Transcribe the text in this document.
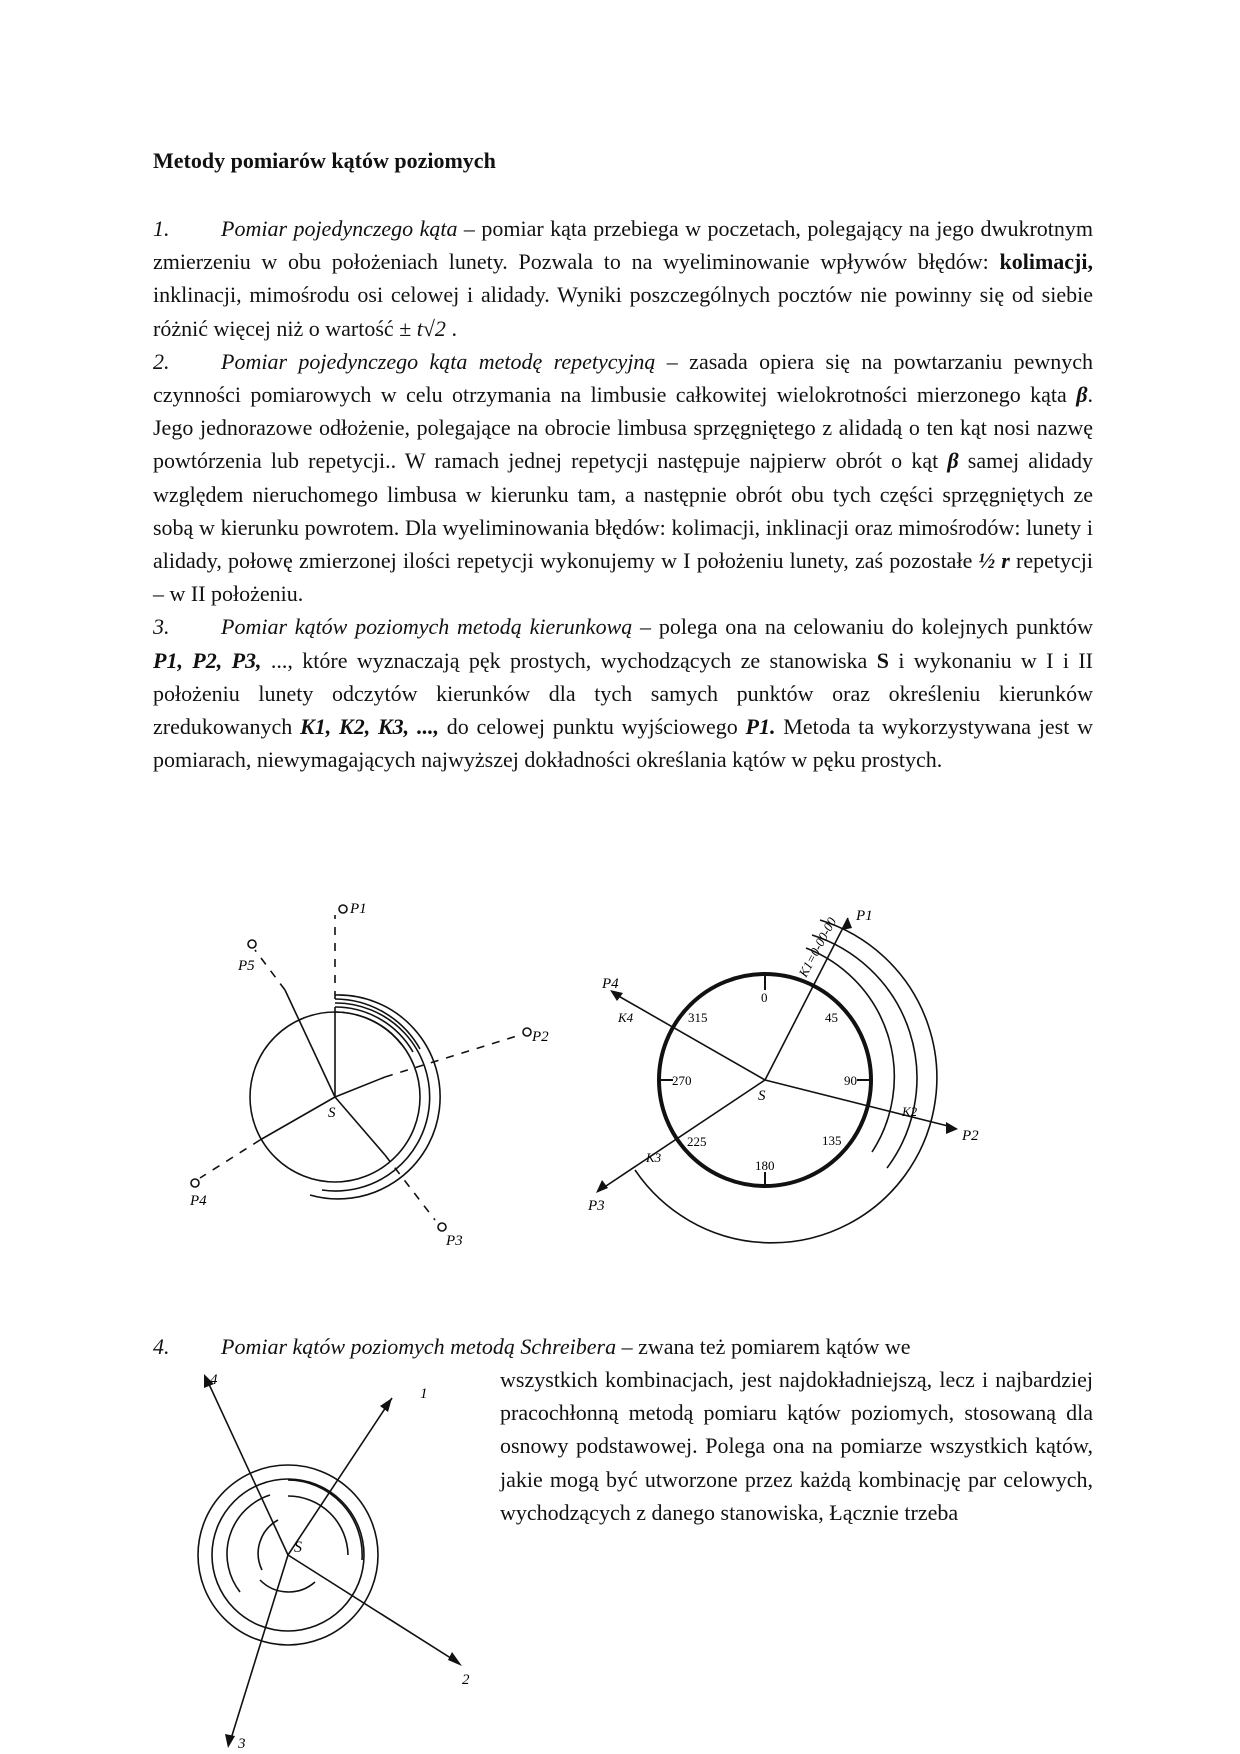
Metody pomiarów kątów poziomych

1. Pomiar pojedynczego kąta – pomiar kąta przebiega w poczetach, polegający na jego dwukrotnym zmierzeniu w obu położeniach lunety. Pozwala to na wyeliminowanie wpływów błędów: kolimacji, inklinacji, mimośrodu osi celowej i alidady. Wyniki poszczególnych pocztów nie powinny się od siebie różnić więcej niż o wartość ± t√2 .

2. Pomiar pojedynczego kąta metodę repetycyjną – zasada opiera się na powtarzaniu pewnych czynności pomiarowych w celu otrzymania na limbusie całkowitej wielokrotności mierzonego kąta β. Jego jednorazowe odłożenie, polegające na obrocie limbusa sprzęgniętego z alidadą o ten kąt nosi nazwę powtórzenia lub repetycji.. W ramach jednej repetycji następuje najpierw obrót o kąt β samej alidady względem nieruchomego limbusa w kierunku tam, a następnie obrót obu tych części sprzęgniętych ze sobą w kierunku powrotem. Dla wyeliminowania błędów: kolimacji, inklinacji oraz mimośrodów: lunety i alidady, połowę zmierzonej ilości repetycji wykonujemy w I położeniu lunety, zaś pozostałe ½ r repetycji – w II położeniu.

3. Pomiar kątów poziomych metodą kierunkową – polega ona na celowaniu do kolejnych punktów P1, P2, P3, ..., które wyznaczają pęk prostych, wychodzących ze stanowiska S i wykonaniu w I i II położeniu lunety odczytów kierunków dla tych samych punktów oraz określeniu kierunków zredukowanych K1, K2, K3, ..., do celowej punktu wyjściowego P1. Metoda ta wykorzystywana jest w pomiarach, niewymagających najwyższej dokładności określania kątów w pęku prostych.

P1
P2
P3
P4
P5
S
P1
P2
P3
P4
S
K1=0-00-00
K2
K3
K4
0
45
90
135
180
225
270
315
4. Pomiar kątów poziomych metodą Schreibera – zwana też pomiarem kątów we
1
2
3
4
S
wszystkich kombinacjach, jest najdokładniejszą, lecz i najbardziej pracochłonną metodą pomiaru kątów poziomych, stosowaną dla osnowy podstawowej. Polega ona na pomiarze wszystkich kątów, jakie mogą być utworzone przez każdą kombinację par celowych, wychodzących z danego stanowiska, Łącznie trzeba
